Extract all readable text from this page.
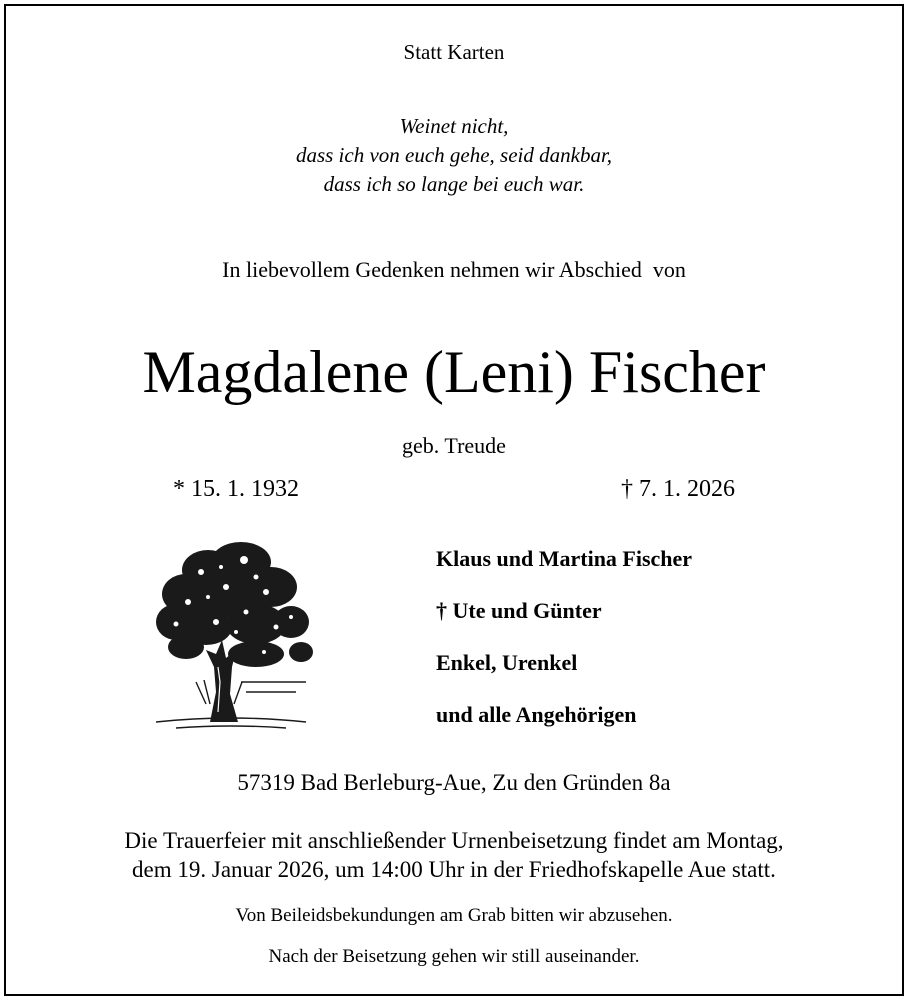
Statt Karten
Weinet nicht,
dass ich von euch gehe, seid dankbar,
dass ich so lange bei euch war.
In liebevollem Gedenken nehmen wir Abschied  von
Magdalene (Leni) Fischer
geb. Treude
* 15. 1. 1932	† 7. 1. 2026
Klaus und Martina Fischer
† Ute und Günter
Enkel, Urenkel
und alle Angehörigen
57319 Bad Berleburg-Aue, Zu den Gründen 8a
Die Trauerfeier mit anschließender Urnenbeisetzung findet am Montag,
dem 19. Januar 2026, um 14:00 Uhr in der Friedhofskapelle Aue statt.
Von Beileidsbekundungen am Grab bitten wir abzusehen.
Nach der Beisetzung gehen wir still auseinander.
